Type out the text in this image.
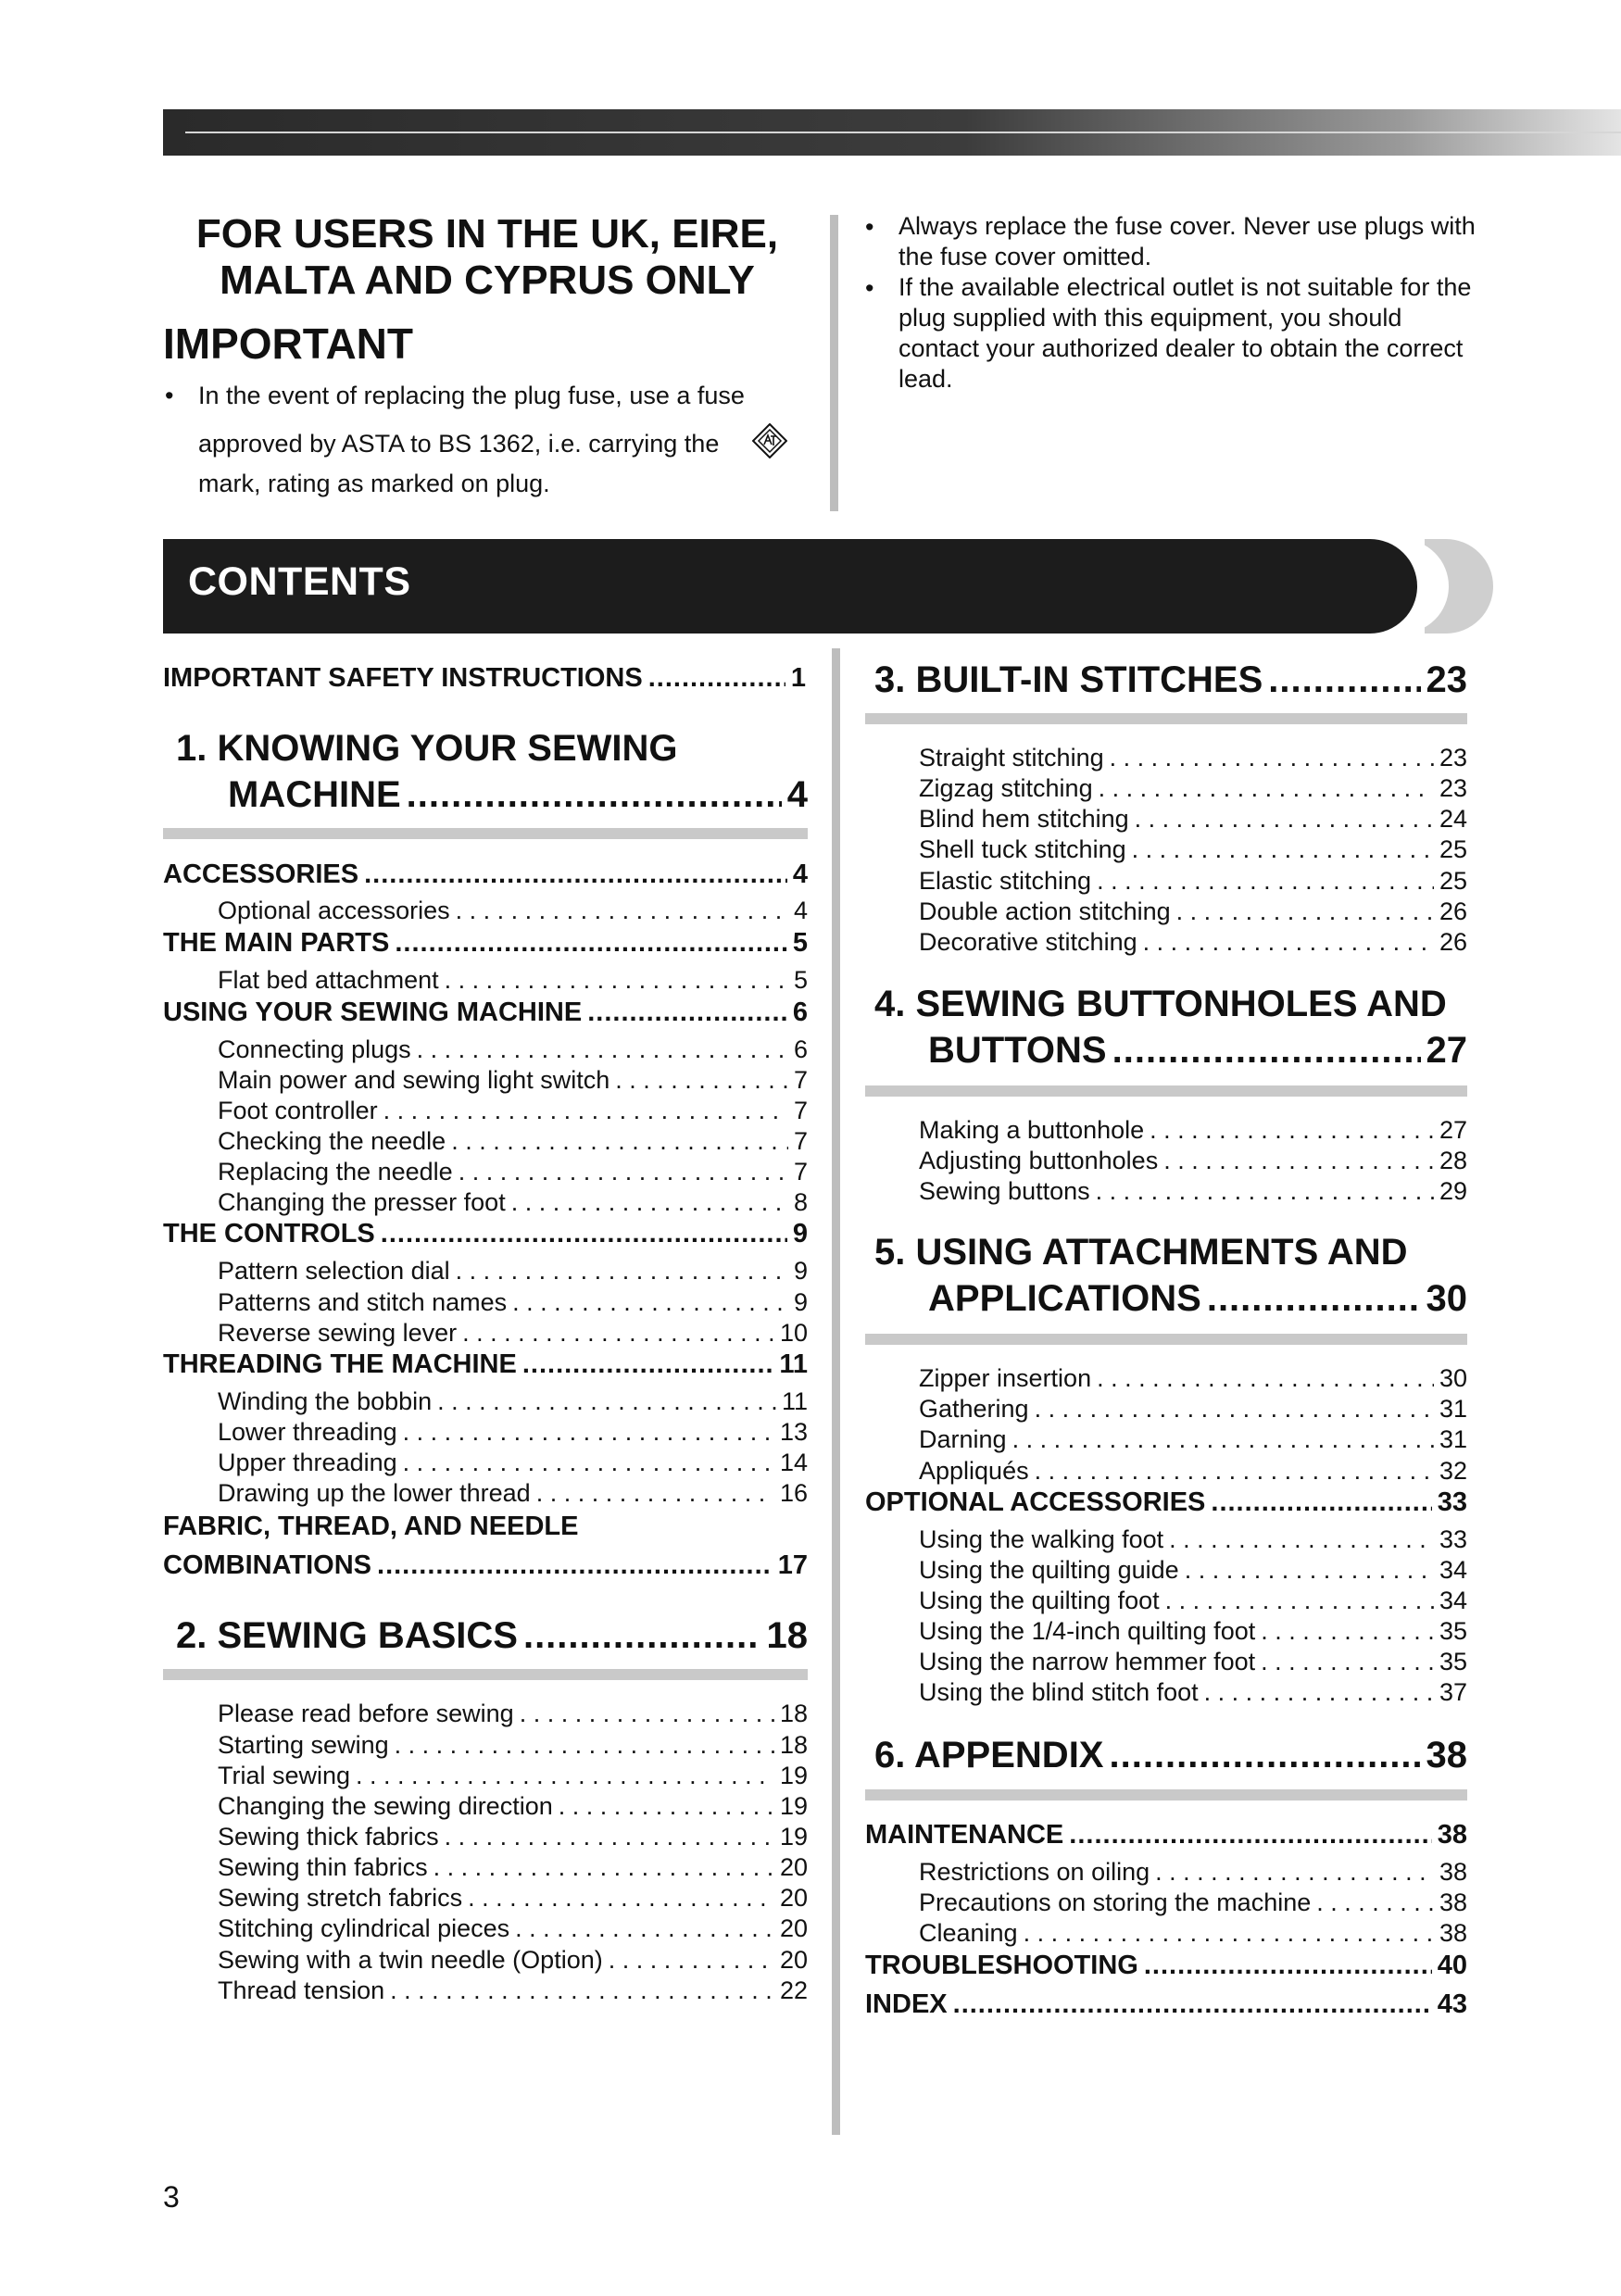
FOR USERS IN THE UK, EIRE,
MALTA AND CYPRUS ONLY
IMPORTANT
• In the event of replacing the plug fuse, use a fuse
approved by ASTA to BS 1362, i.e. carrying the
mark, rating as marked on plug.
• Always replace the fuse cover. Never use plugs with
the fuse cover omitted.
• If the available electrical outlet is not suitable for the
plug supplied with this equipment, you should
contact your authorized dealer to obtain the correct
lead.
CONTENTS
IMPORTANT SAFETY INSTRUCTIONS .....	1
1. KNOWING YOUR SEWING
MACHINE .....	4
ACCESSORIES .....	4
Optional accessories . . .	4
THE MAIN PARTS .....	5
Flat bed attachment . . .	5
USING YOUR SEWING MACHINE .....	6
Connecting plugs . . .	6
Main power and sewing light switch . . .	7
Foot controller . . .	7
Checking the needle . . .	7
Replacing the needle . . .	7
Changing the presser foot . . .	8
THE CONTROLS .....	9
Pattern selection dial . . .	9
Patterns and stitch names . . .	9
Reverse sewing lever . . .	10
THREADING THE MACHINE .....	11
Winding the bobbin . . .	11
Lower threading . . .	13
Upper threading . . .	14
Drawing up the lower thread . . .	16
FABRIC, THREAD, AND NEEDLE
COMBINATIONS .....	17
2. SEWING BASICS .....	18
Please read before sewing . . .	18
Starting sewing . . .	18
Trial sewing . . .	19
Changing the sewing direction . . .	19
Sewing thick fabrics . . .	19
Sewing thin fabrics . . .	20
Sewing stretch fabrics . . .	20
Stitching cylindrical pieces . . .	20
Sewing with a twin needle (Option) . . .	20
Thread tension . . .	22
3. BUILT-IN STITCHES .....	23
Straight stitching . . .	23
Zigzag stitching . . .	23
Blind hem stitching . . .	24
Shell tuck stitching . . .	25
Elastic stitching . . .	25
Double action stitching . . .	26
Decorative stitching . . .	26
4. SEWING BUTTONHOLES AND
BUTTONS .....	27
Making a buttonhole . . .	27
Adjusting buttonholes . . .	28
Sewing buttons . . .	29
5. USING ATTACHMENTS AND
APPLICATIONS .....	30
Zipper insertion . . .	30
Gathering . . .	31
Darning . . .	31
Appliqués . . .	32
OPTIONAL ACCESSORIES .....	33
Using the walking foot . . .	33
Using the quilting guide . . .	34
Using the quilting foot . . .	34
Using the 1/4-inch quilting foot . . .	35
Using the narrow hemmer foot . . .	35
Using the blind stitch foot . . .	37
6. APPENDIX .....	38
MAINTENANCE .....	38
Restrictions on oiling . . .	38
Precautions on storing the machine . . .	38
Cleaning . . .	38
TROUBLESHOOTING .....	40
INDEX .....	43
3
